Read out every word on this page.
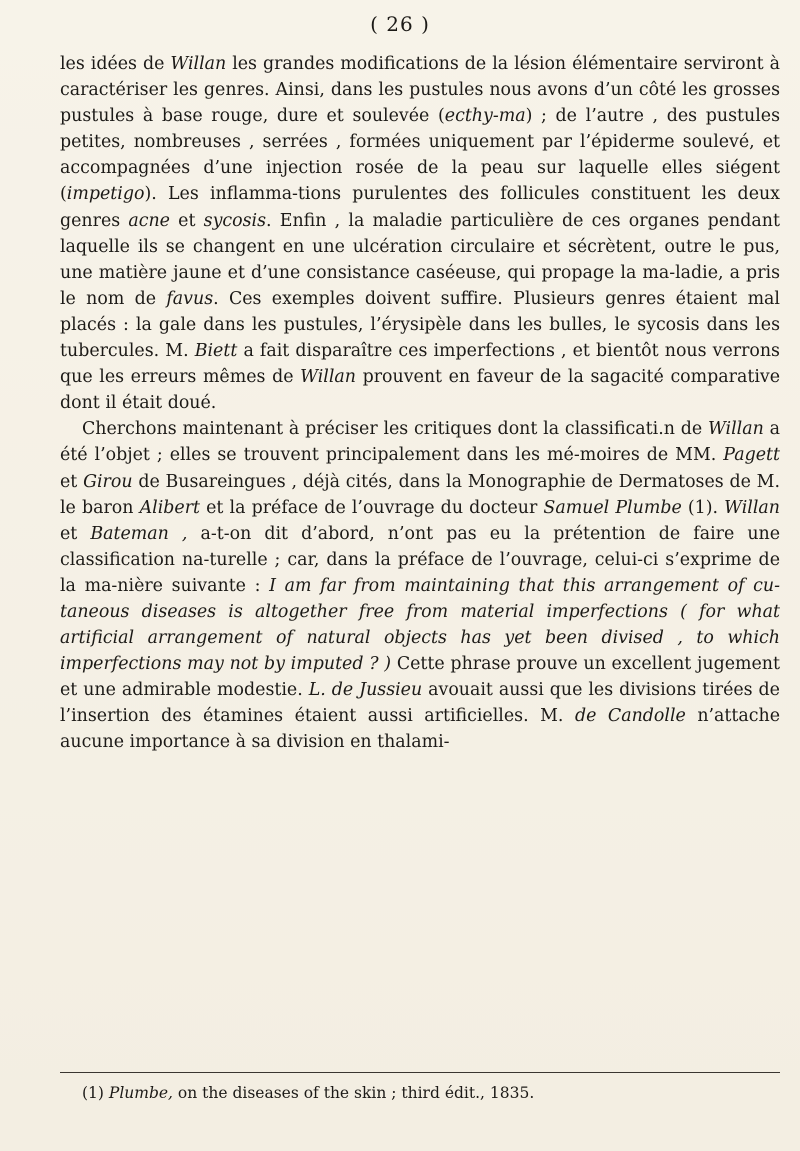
( 26 )

les idées de Willan les grandes modifications de la lésion élémentaire serviront à caractériser les genres. Ainsi, dans les pustules nous avons d’un côté les grosses pustules à base rouge, dure et soulevée (ecthy-ma) ; de l’autre , des pustules petites, nombreuses , serrées , formées uniquement par l’épiderme soulevé, et accompagnées d’une injection rosée de la peau sur laquelle elles siégent (impetigo). Les inflamma-tions purulentes des follicules constituent les deux genres acne et sycosis. Enfin , la maladie particulière de ces organes pendant laquelle ils se changent en une ulcération circulaire et sécrètent, outre le pus, une matière jaune et d’une consistance caséeuse, qui propage la ma-ladie, a pris le nom de favus. Ces exemples doivent suffire. Plusieurs genres étaient mal placés : la gale dans les pustules, l’érysipèle dans les bulles, le sycosis dans les tubercules. M. Biett a fait disparaître ces imperfections , et bientôt nous verrons que les erreurs mêmes de Willan prouvent en faveur de la sagacité comparative dont il était doué.

Cherchons maintenant à préciser les critiques dont la classificati.n de Willan a été l’objet ; elles se trouvent principalement dans les mé-moires de MM. Pagett et Girou de Busareingues , déjà cités, dans la Monographie de Dermatoses de M. le baron Alibert et la préface de l’ouvrage du docteur Samuel Plumbe (1). Willan et Bateman , a-t-on dit d’abord, n’ont pas eu la prétention de faire une classification na-turelle ; car, dans la préface de l’ouvrage, celui-ci s’exprime de la ma-nière suivante : I am far from maintaining that this arrangement of cu-taneous diseases is altogether free from material imperfections ( for what artificial arrangement of natural objects has yet been divised , to which imperfections may not by imputed ? ) Cette phrase prouve un excellent jugement et une admirable modestie. L. de Jussieu avouait aussi que les divisions tirées de l’insertion des étamines étaient aussi artificielles. M. de Candolle n’attache aucune importance à sa division en thalami-

(1) Plumbe, on the diseases of the skin ; third édit., 1835.
